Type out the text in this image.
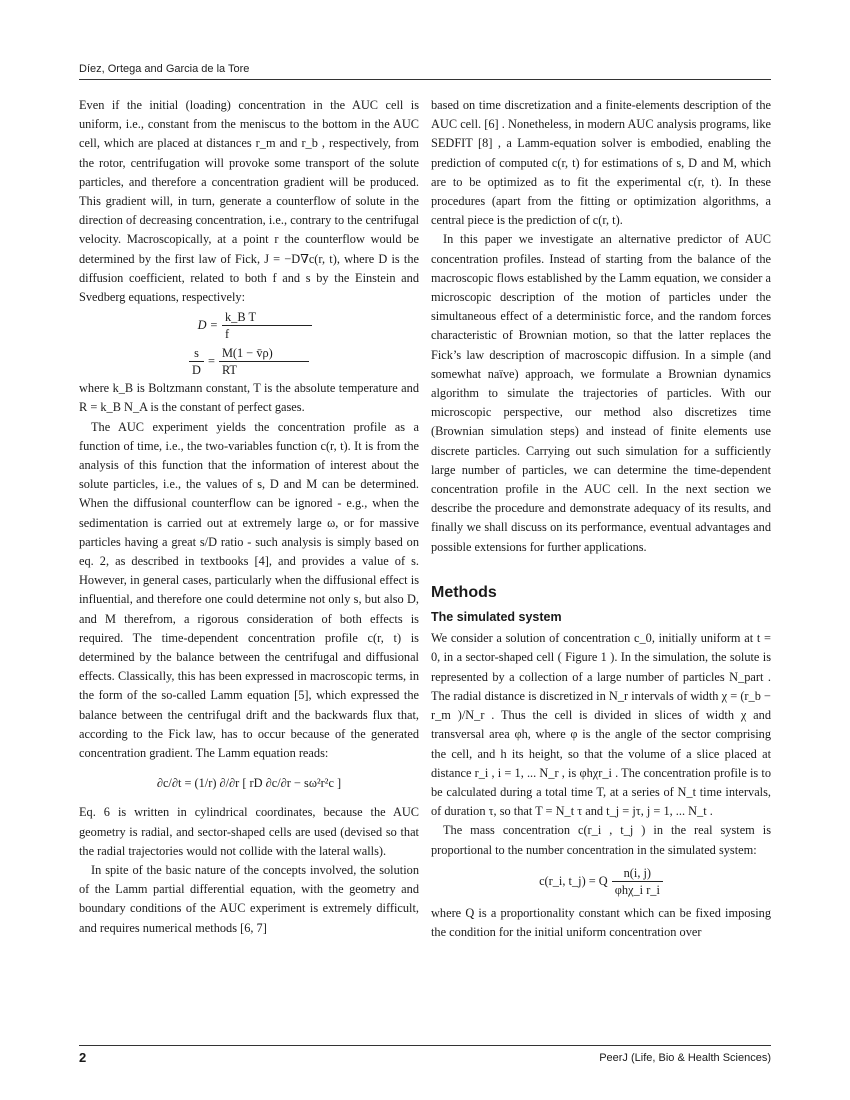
Díez, Ortega and Garcia de la Tore

Even if the initial (loading) concentration in the AUC cell is uniform, i.e., constant from the meniscus to the bottom in the AUC cell, which are placed at distances r_m and r_b , respectively, from the rotor, centrifugation will provoke some transport of the solute particles, and therefore a concentration gradient will be produced. This gradient will, in turn, generate a counterflow of solute in the direction of decreasing concentration, i.e., contrary to the centrifugal velocity. Macroscopically, at a point r the counterflow would be determined by the first law of Fick, J = −D∇c(r, t), where D is the diffusion coefficient, related to both f and s by the Einstein and Svedberg equations, respectively:

$D = \frac{\text{k\_B T}}{f}$
$\frac{s}{D} = \frac{M(1 - v̄\rho)}{RT}$

where k_B is Boltzmann constant, T is the absolute temperature and R = k_B N_A is the constant of perfect gases.

The AUC experiment yields the concentration profile as a function of time, i.e., the two-variables function c(r, t). It is from the analysis of this function that the information of interest about the solute particles, i.e., the values of s, D and M can be determined. When the diffusional counterflow can be ignored - e.g., when the sedimentation is carried out at extremely large ω, or for massive particles having a great s/D ratio - such analysis is simply based on eq. 2, as described in textbooks [4], and provides a value of s. However, in general cases, particularly when the diffusional effect is influential, and therefore one could determine not only s, but also D, and M therefrom, a rigorous consideration of both effects is required. The time-dependent concentration profile c(r, t) is determined by the balance between the centrifugal and diffusional effects. Classically, this has been expressed in macroscopic terms, in the form of the so-called Lamm equation [5], which expressed the balance between the centrifugal drift and the backwards flux that, according to the Fick law, has to occur because of the generated concentration gradient. The Lamm equation reads:

∂c/∂t = (1/r) ∂/∂r [ rD ∂c/∂r − sω²r²c ]

Eq. 6 is written in cylindrical coordinates, because the AUC geometry is radial, and sector-shaped cells are used (devised so that the radial trajectories would not collide with the lateral walls).

In spite of the basic nature of the concepts involved, the solution of the Lamm partial differential equation, with the geometry and boundary conditions of the AUC experiment is extremely difficult, and requires numerical methods [6, 7]

based on time discretization and a finite-elements description of the AUC cell. [6] . Nonetheless, in modern AUC analysis programs, like SEDFIT [8] , a Lamm-equation solver is embodied, enabling the prediction of computed c(r, t) for estimations of s, D and M, which are to be optimized as to fit the experimental c(r, t). In these procedures (apart from the fitting or optimization algorithms, a central piece is the prediction of c(r, t).

In this paper we investigate an alternative predictor of AUC concentration profiles. Instead of starting from the balance of the macroscopic flows established by the Lamm equation, we consider a microscopic description of the motion of particles under the simultaneous effect of a deterministic force, and the random forces characteristic of Brownian motion, so that the latter replaces the Fick’s law description of macroscopic diffusion. In a simple (and somewhat naïve) approach, we formulate a Brownian dynamics algorithm to simulate the trajectories of particles. With our microscopic perspective, our method also discretizes time (Brownian simulation steps) and instead of finite elements use discrete particles. Carrying out such simulation for a sufficiently large number of particles, we can determine the time-dependent concentration profile in the AUC cell. In the next section we describe the procedure and demonstrate adequacy of its results, and finally we shall discuss on its performance, eventual advantages and possible extensions for further applications.

Methods
The simulated system

We consider a solution of concentration c_0, initially uniform at t = 0, in a sector-shaped cell ( Figure 1 ). In the simulation, the solute is represented by a collection of a large number of particles N_part . The radial distance is discretized in N_r intervals of width χ = (r_b − r_m )/N_r . Thus the cell is divided in slices of width χ and transversal area φh, where φ is the angle of the sector comprising the cell, and h its height, so that the volume of a slice placed at distance r_i , i = 1, ... N_r , is φhχr_i . The concentration profile is to be calculated during a total time T, at a series of N_t time intervals, of duration τ, so that T = N_t τ and t_j = jτ, j = 1, ... N_t .

The mass concentration c(r_i , t_j ) in the real system is proportional to the number concentration in the simulated system:

c(r_i, t_j) = Q $\frac{n(i, j)}{\text{φhχ\_i r\_i}}$

where Q is a proportionality constant which can be fixed imposing the condition for the initial uniform concentration over

2	PeerJ (Life, Bio & Health Sciences)
